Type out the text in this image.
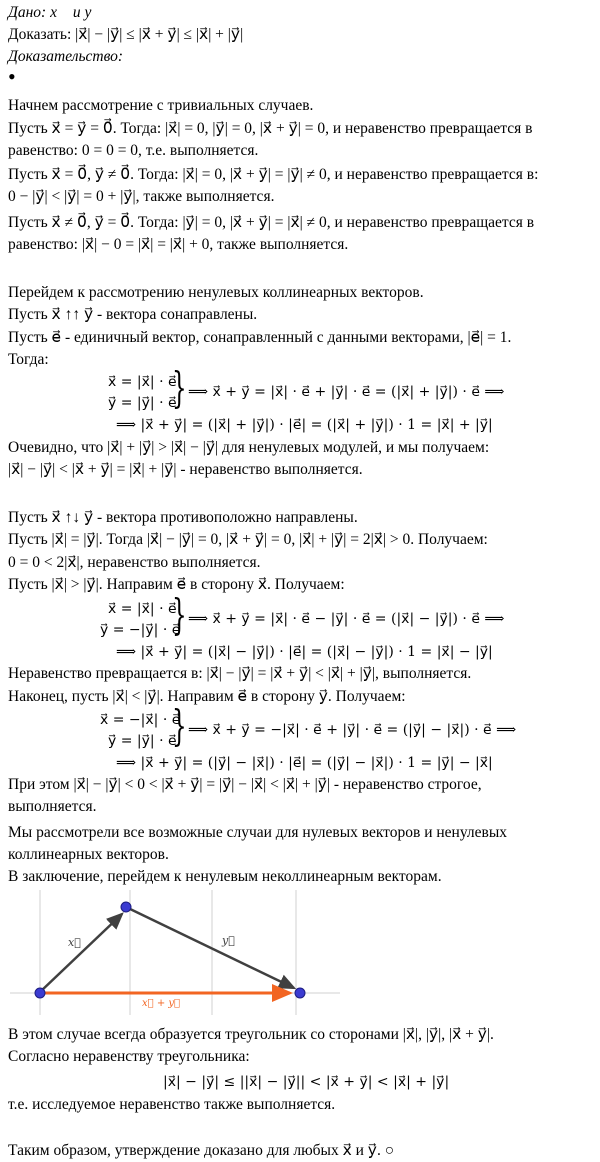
Дано: x⃗ и y⃗
Доказать: |x⃗| − |y⃗| ≤ |x⃗ + y⃗| ≤ |x⃗| + |y⃗|
Доказательство:
•
Начнем рассмотрение с тривиальных случаев.
Пусть x⃗ = y⃗ = 0⃗. Тогда: |x⃗| = 0, |y⃗| = 0, |x⃗ + y⃗| = 0, и неравенство превращается в
равенство: 0 = 0 = 0, т.е. выполняется.
Пусть x⃗ = 0⃗, y⃗ ≠ 0⃗. Тогда: |x⃗| = 0, |x⃗ + y⃗| = |y⃗| ≠ 0, и неравенство превращается в:
0 − |y⃗| < |y⃗| = 0 + |y⃗|, также выполняется.
Пусть x⃗ ≠ 0⃗, y⃗ = 0⃗. Тогда: |y⃗| = 0, |x⃗ + y⃗| = |x⃗| ≠ 0, и неравенство превращается в
равенство: |x⃗| − 0 = |x⃗| = |x⃗| + 0, также выполняется.
Перейдем к рассмотрению ненулевых коллинеарных векторов.
Пусть x⃗ ↑↑ y⃗ - вектора сонаправлены.
Пусть e⃗ - единичный вектор, сонаправленный с данными векторами, |e⃗| = 1.
Тогда:
x⃗ = |x⃗| · e⃗
y⃗ = |y⃗| · e⃗
} ⟹ x⃗ + y⃗ = |x⃗| · e⃗ + |y⃗| · e⃗ = (|x⃗| + |y⃗|) · e⃗ ⟹
⟹ |x⃗ + y⃗| = (|x⃗| + |y⃗|) · |e⃗| = (|x⃗| + |y⃗|) · 1 = |x⃗| + |y⃗|
Очевидно, что |x⃗| + |y⃗| > |x⃗| − |y⃗| для ненулевых модулей, и мы получаем:
|x⃗| − |y⃗| < |x⃗ + y⃗| = |x⃗| + |y⃗| - неравенство выполняется.
Пусть x⃗ ↑↓ y⃗ - вектора противоположно направлены.
Пусть |x⃗| = |y⃗|. Тогда |x⃗| − |y⃗| = 0, |x⃗ + y⃗| = 0, |x⃗| + |y⃗| = 2|x⃗| > 0. Получаем:
0 = 0 < 2|x⃗|, неравенство выполняется.
Пусть |x⃗| > |y⃗|. Направим e⃗ в сторону x⃗. Получаем:
x⃗ = |x⃗| · e⃗
y⃗ = −|y⃗| · e⃗
} ⟹ x⃗ + y⃗ = |x⃗| · e⃗ − |y⃗| · e⃗ = (|x⃗| − |y⃗|) · e⃗ ⟹
⟹ |x⃗ + y⃗| = (|x⃗| − |y⃗|) · |e⃗| = (|x⃗| − |y⃗|) · 1 = |x⃗| − |y⃗|
Неравенство превращается в: |x⃗| − |y⃗| = |x⃗ + y⃗| < |x⃗| + |y⃗|, выполняется.
Наконец, пусть |x⃗| < |y⃗|. Направим e⃗ в сторону y⃗. Получаем:
x⃗ = −|x⃗| · e⃗
y⃗ = |y⃗| · e⃗
} ⟹ x⃗ + y⃗ = −|x⃗| · e⃗ + |y⃗| · e⃗ = (|y⃗| − |x⃗|) · e⃗ ⟹
⟹ |x⃗ + y⃗| = (|y⃗| − |x⃗|) · |e⃗| = (|y⃗| − |x⃗|) · 1 = |y⃗| − |x⃗|
При этом |x⃗| − |y⃗| < 0 < |x⃗ + y⃗| = |y⃗| − |x⃗| < |x⃗| + |y⃗| - неравенство строгое,
выполняется.
Мы рассмотрели все возможные случаи для нулевых векторов и ненулевых
коллинеарных векторов.
В заключение, перейдем к ненулевым неколлинеарным векторам.
x⃗	y⃗
x⃗ + y⃗
В этом случае всегда образуется треугольник со сторонами |x⃗|, |y⃗|, |x⃗ + y⃗|.
Согласно неравенству треугольника:
|x⃗| − |y⃗| ≤ ||x⃗| − |y⃗|| < |x⃗ + y⃗| < |x⃗| + |y⃗|
т.е. исследуемое неравенство также выполняется.
Таким образом, утверждение доказано для любых x⃗ и y⃗. ○
